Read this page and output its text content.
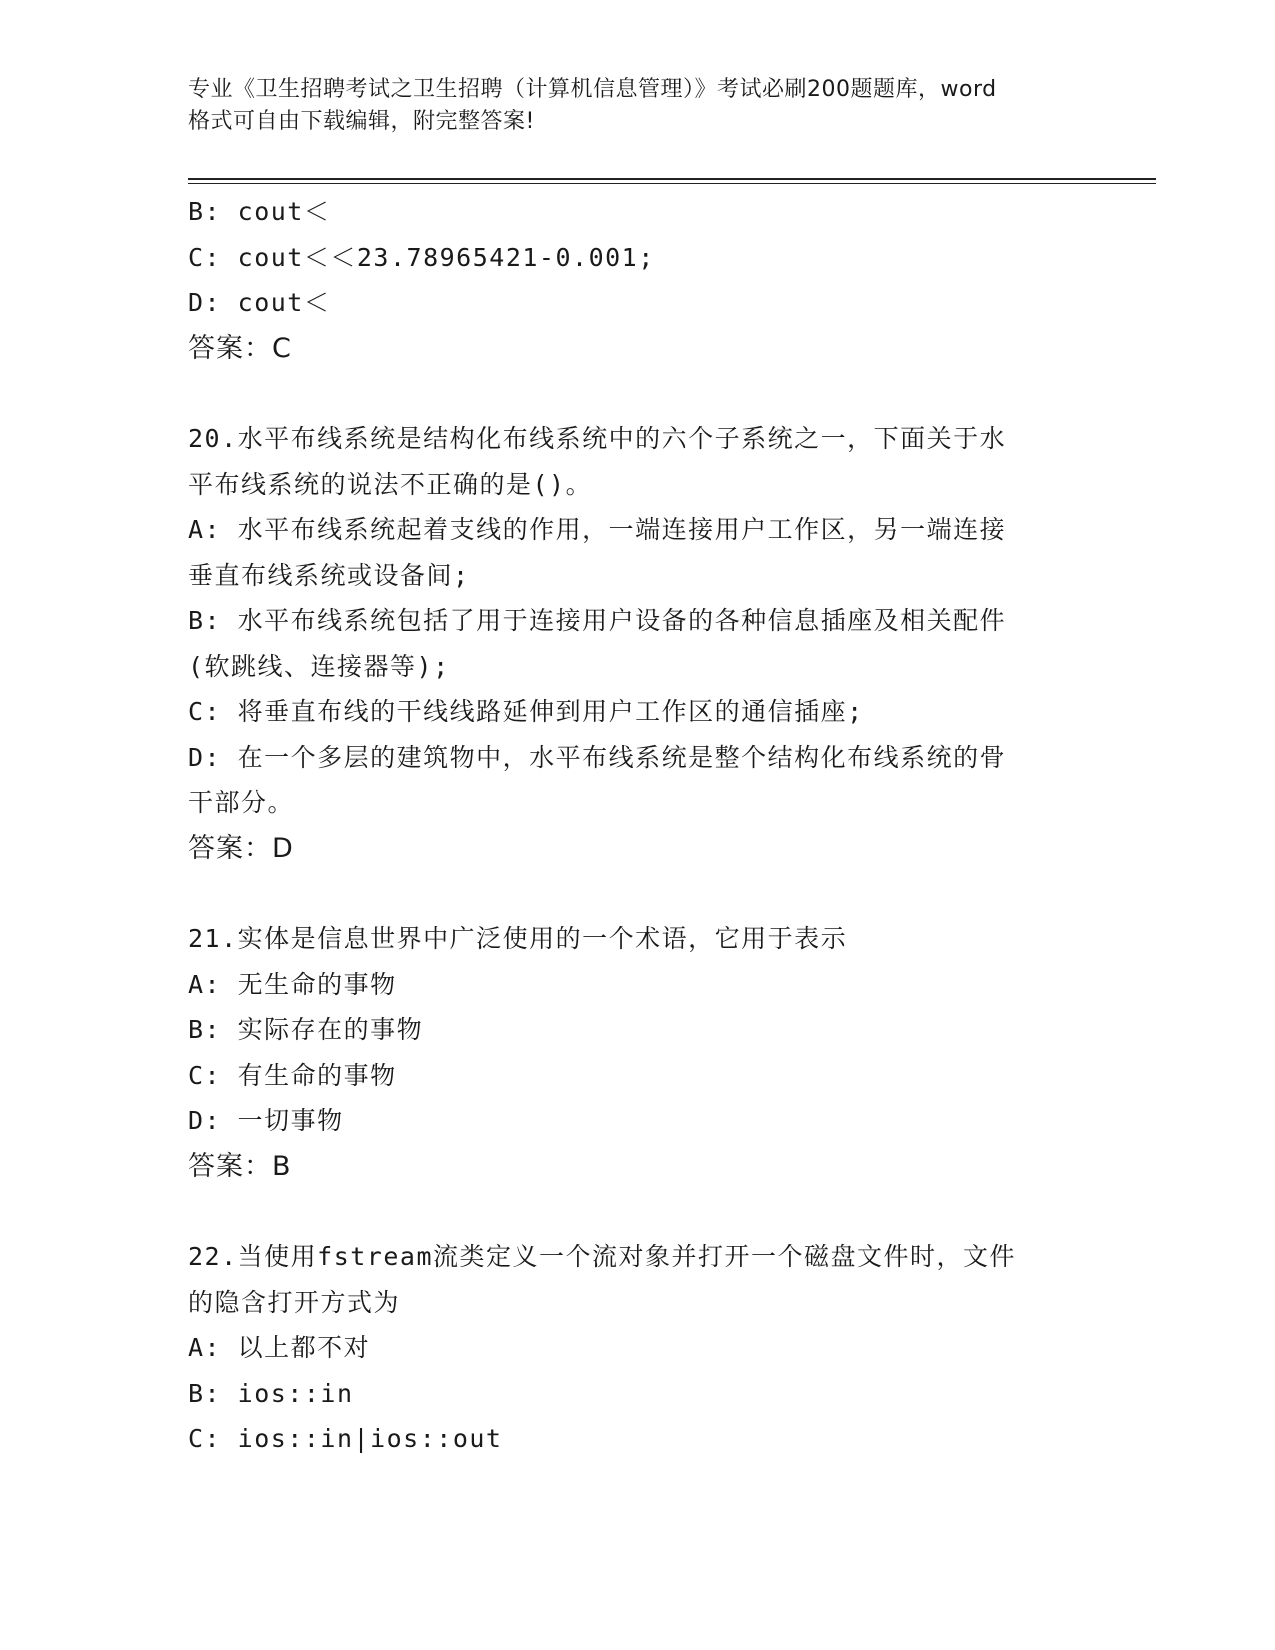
专业《卫生招聘考试之卫生招聘（计算机信息管理）》考试必刷200题题库，word
格式可自由下载编辑，附完整答案!

B: cout＜

C: cout＜＜23.78965421-0.001;

D: cout＜

答案：C

20.水平布线系统是结构化布线系统中的六个子系统之一，下面关于水

平布线系统的说法不正确的是()。

A: 水平布线系统起着支线的作用，一端连接用户工作区，另一端连接

垂直布线系统或设备间;

B: 水平布线系统包括了用于连接用户设备的各种信息插座及相关配件

(软跳线、连接器等);

C: 将垂直布线的干线线路延伸到用户工作区的通信插座;

D: 在一个多层的建筑物中，水平布线系统是整个结构化布线系统的骨

干部分。

答案：D

21.实体是信息世界中广泛使用的一个术语，它用于表示

A: 无生命的事物

B: 实际存在的事物

C: 有生命的事物

D: 一切事物

答案：B

22.当使用fstream流类定义一个流对象并打开一个磁盘文件时，文件

的隐含打开方式为

A: 以上都不对

B: ios::in

C: ios::in|ios::out
